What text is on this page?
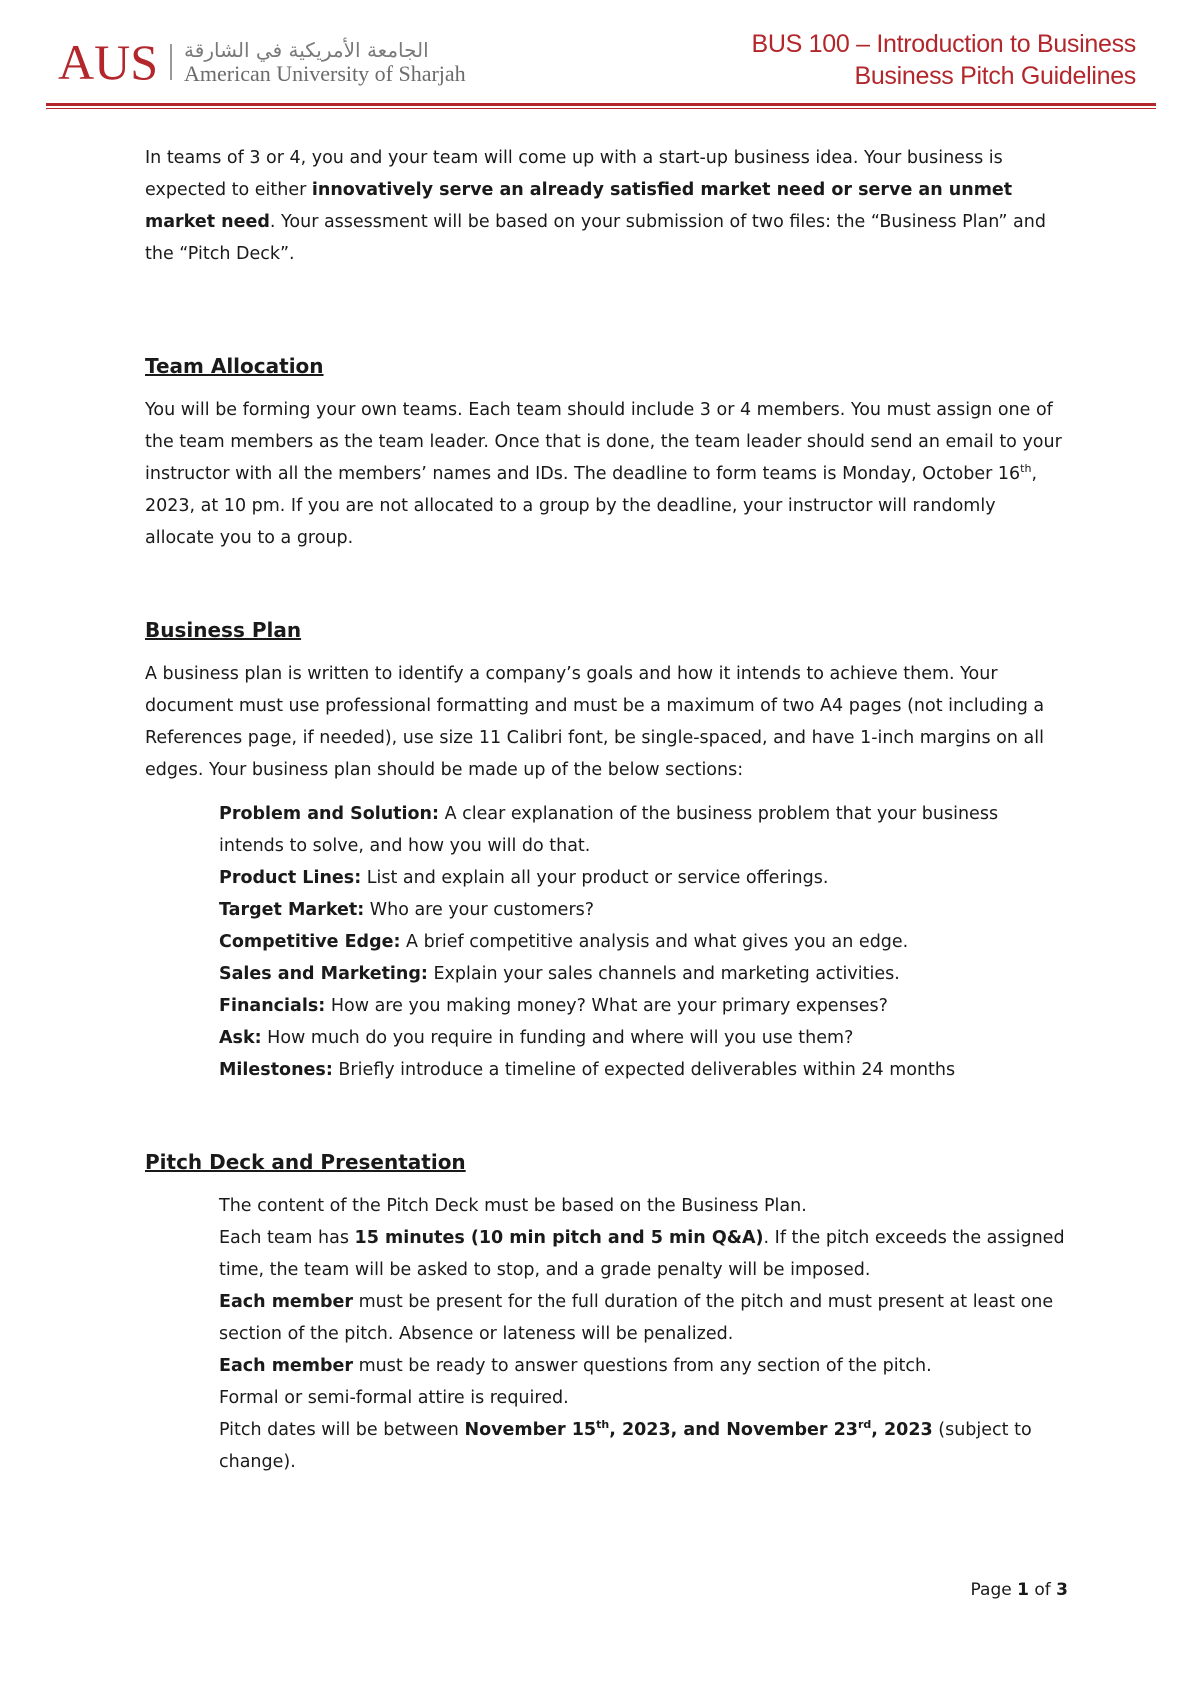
AUS الجامعة الأمريكية في الشارقة
American University of Sharjah
BUS 100 – Introduction to Business
Business Pitch Guidelines

In teams of 3 or 4, you and your team will come up with a start-up business idea. Your business is expected to either innovatively serve an already satisfied market need or serve an unmet market need. Your assessment will be based on your submission of two files: the “Business Plan” and the “Pitch Deck”.

Team Allocation

You will be forming your own teams. Each team should include 3 or 4 members. You must assign one of the team members as the team leader. Once that is done, the team leader should send an email to your instructor with all the members’ names and IDs. The deadline to form teams is Monday, October 16th, 2023, at 10 pm. If you are not allocated to a group by the deadline, your instructor will randomly allocate you to a group.

Business Plan

A business plan is written to identify a company’s goals and how it intends to achieve them. Your document must use professional formatting and must be a maximum of two A4 pages (not including a References page, if needed), use size 11 Calibri font, be single-spaced, and have 1-inch margins on all edges. Your business plan should be made up of the below sections:

Problem and Solution: A clear explanation of the business problem that your business intends to solve, and how you will do that.

Product Lines: List and explain all your product or service offerings.

Target Market: Who are your customers?

Competitive Edge: A brief competitive analysis and what gives you an edge.

Sales and Marketing: Explain your sales channels and marketing activities.

Financials: How are you making money? What are your primary expenses?

Ask: How much do you require in funding and where will you use them?

Milestones: Briefly introduce a timeline of expected deliverables within 24 months

Pitch Deck and Presentation

The content of the Pitch Deck must be based on the Business Plan.

Each team has 15 minutes (10 min pitch and 5 min Q&A). If the pitch exceeds the assigned time, the team will be asked to stop, and a grade penalty will be imposed.

Each member must be present for the full duration of the pitch and must present at least one section of the pitch. Absence or lateness will be penalized.

Each member must be ready to answer questions from any section of the pitch.

Formal or semi-formal attire is required.

Pitch dates will be between November 15th, 2023, and November 23rd, 2023 (subject to change).

Page 1 of 3
